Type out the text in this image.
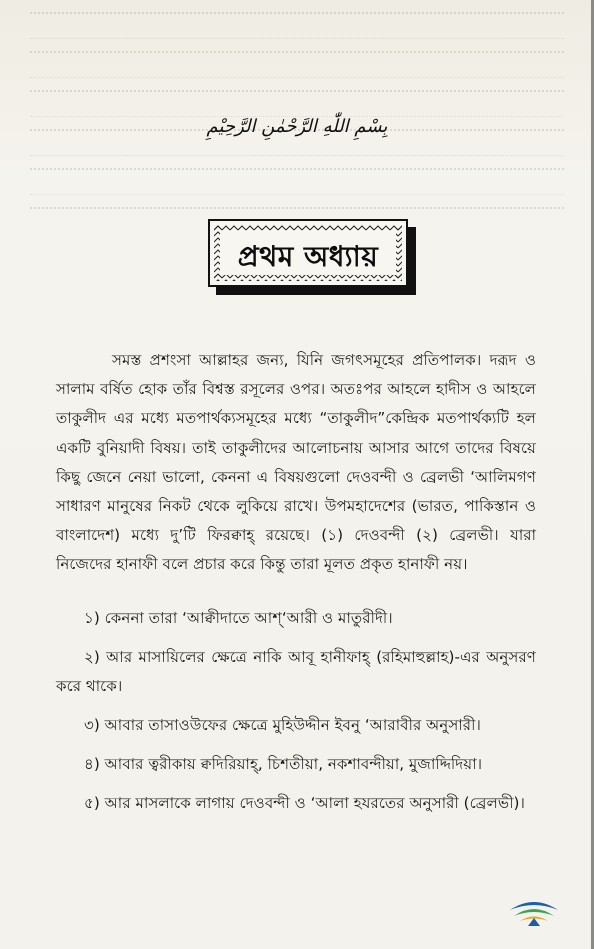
بِسْمِ اللّٰهِ الرَّحْمٰنِ الرَّحِيْمِ
প্রথম অধ্যায়

সমস্ত প্রশংসা আল্লাহর জন্য, যিনি জগৎসমূহের প্রতিপালক। দরূদ ও সালাম বর্ষিত হোক তাঁর বিশ্বস্ত রসূলের ওপর। অতঃপর আহলে হাদীস ও আহলে তাকুলীদ এর মধ্যে মতপার্থক্যসমূহের মধ্যে “তাকুলীদ”কেন্দ্রিক মতপার্থক্যটি হল একটি বুনিয়াদী বিষয়। তাই তাকুলীদের আলোচনায় আসার আগে তাদের বিষয়ে কিছু জেনে নেয়া ভালো, কেননা এ বিষয়গুলো দেওবন্দী ও ব্রেলভী ‘আলিমগণ সাধারণ মানুষের নিকট থেকে লুকিয়ে রাখে। উপমহাদেশের (ভারত, পাকিস্তান ও বাংলাদেশ) মধ্যে দু’টি ফিরক্বাহ্ রয়েছে। (১) দেওবন্দী (২) ব্রেলভী। যারা নিজেদের হানাফী বলে প্রচার করে কিন্তু তারা মূলত প্রকৃত হানাফী নয়।

১) কেননা তারা ‘আক্বীদাতে আশ্‘আরী ও মাতুরীদী।

২) আর মাসায়িলের ক্ষেত্রে নাকি আবূ হানীফাহ্ (রহিমাহুল্লাহ)-এর অনুসরণ করে থাকে।

৩) আবার তাসাওউফের ক্ষেত্রে মুহিউদ্দীন ইবনু ‘আরাবীর অনুসারী।

৪) আবার ত্বরীকায় ক্বদিরিয়াহ্, চিশতীয়া, নকশাবন্দীয়া, মুজাদ্দিদিয়া।

৫) আর মাসলাকে লাগায় দেওবন্দী ও ‘আলা হযরতের অনুসারী (ব্রেলভী)।
